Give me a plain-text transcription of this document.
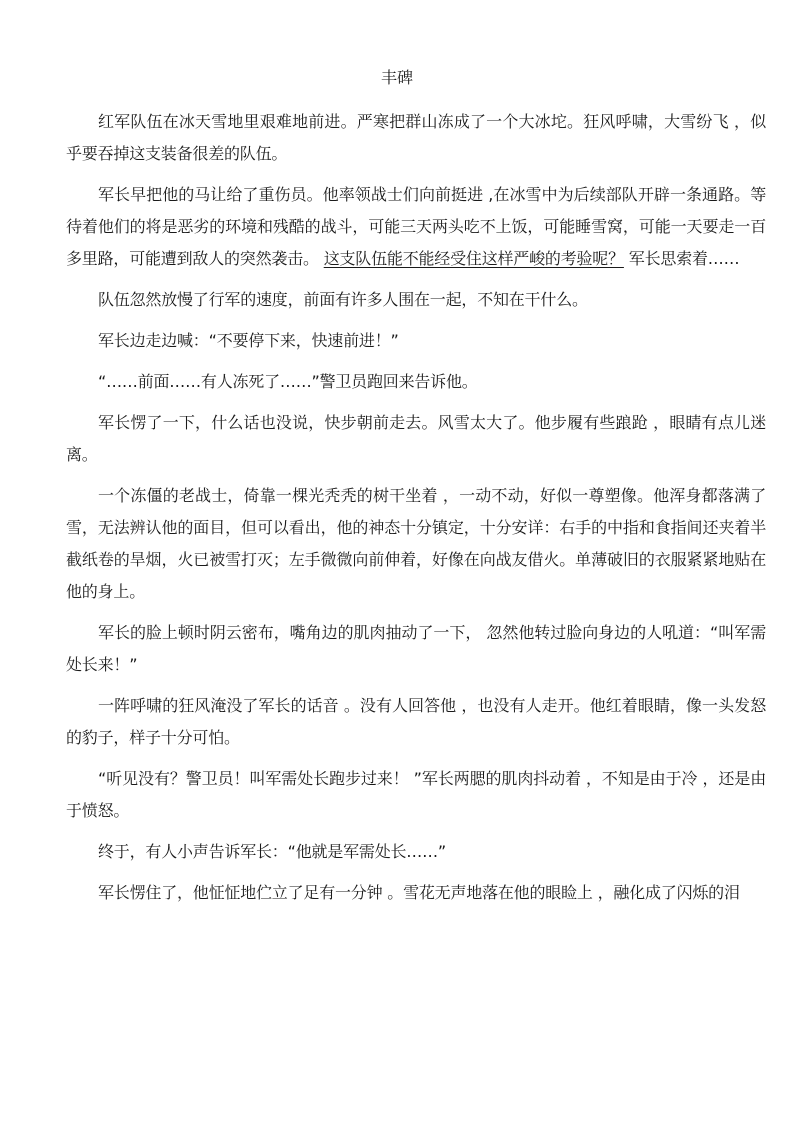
丰碑

红军队伍在冰天雪地里艰难地前进。严寒把群山冻成了一个大冰坨。狂风呼啸，大雪纷飞 ，似乎要吞掉这支装备很差的队伍。

军长早把他的马让给了重伤员。他率领战士们向前挺进 ,在冰雪中为后续部队开辟一条通路。等待着他们的将是恶劣的环境和残酷的战斗，可能三天两头吃不上饭，可能睡雪窝，可能一天要走一百多里路，可能遭到敌人的突然袭击。 这支队伍能不能经受住这样严峻的考验呢？ 军长思索着……

队伍忽然放慢了行军的速度，前面有许多人围在一起，不知在干什么。

军长边走边喊：“不要停下来，快速前进！”

“……前面……有人冻死了……”警卫员跑回来告诉他。

军长愣了一下，什么话也没说，快步朝前走去。风雪太大了。他步履有些踉跄 ，眼睛有点儿迷离。

一个冻僵的老战士，倚靠一棵光秃秃的树干坐着 ，一动不动，好似一尊塑像。他浑身都落满了雪，无法辨认他的面目，但可以看出，他的神态十分镇定，十分安详：右手的中指和食指间还夹着半截纸卷的旱烟，火已被雪打灭；左手微微向前伸着，好像在向战友借火。单薄破旧的衣服紧紧地贴在他的身上。

军长的脸上顿时阴云密布，嘴角边的肌肉抽动了一下， 忽然他转过脸向身边的人吼道：“叫军需处长来！”

一阵呼啸的狂风淹没了军长的话音 。没有人回答他 ，也没有人走开。他红着眼睛，像一头发怒的豹子，样子十分可怕。

“听见没有？警卫员！叫军需处长跑步过来！ ”军长两腮的肌肉抖动着 ，不知是由于冷 ，还是由于愤怒。

终于，有人小声告诉军长：“他就是军需处长……”

军长愣住了，他怔怔地伫立了足有一分钟 。雪花无声地落在他的眼睑上 ，融化成了闪烁的泪
